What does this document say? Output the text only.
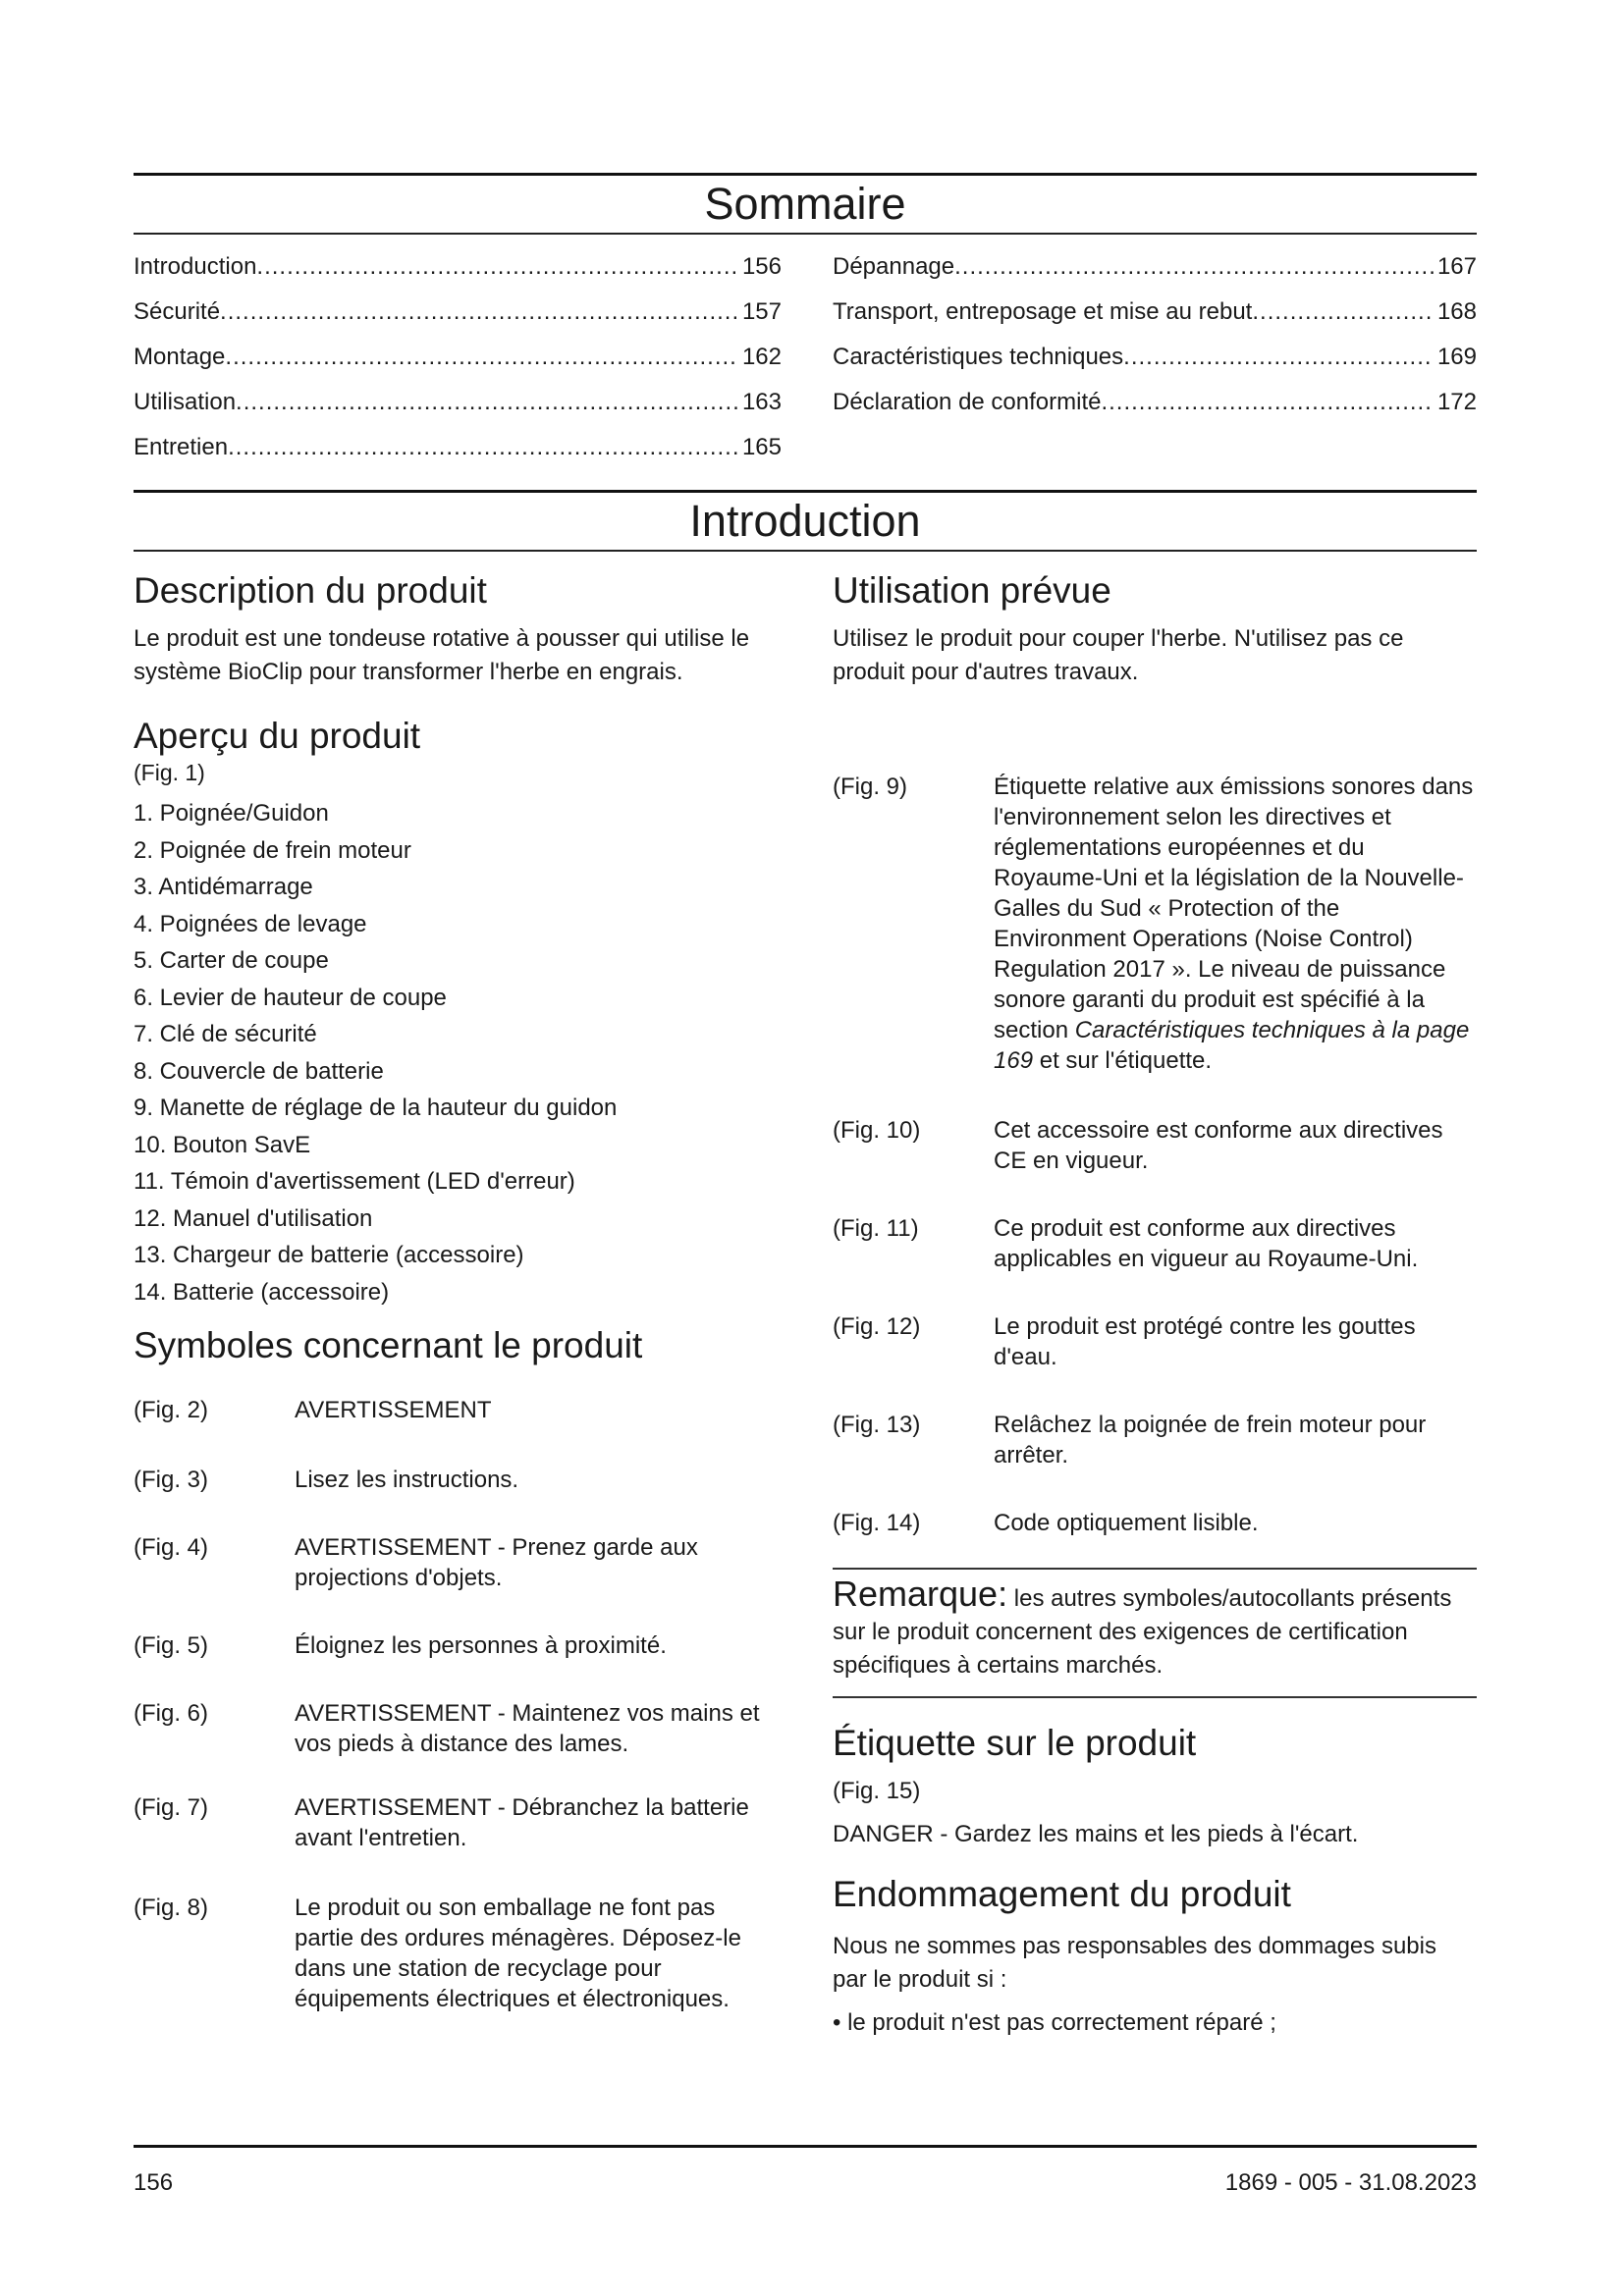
Sommaire
Introduction .....	156
Sécurité .....	157
Montage .....	162
Utilisation .....	163
Entretien .....	165
Dépannage .....	167
Transport, entreposage et mise au rebut .....	168
Caractéristiques techniques .....	169
Déclaration de conformité .....	172
Introduction
Description du produit

Le produit est une tondeuse rotative à pousser qui utilise le système BioClip pour transformer l'herbe en engrais.

Aperçu du produit
(Fig. 1)
1. Poignée/Guidon
2. Poignée de frein moteur
3. Antidémarrage
4. Poignées de levage
5. Carter de coupe
6. Levier de hauteur de coupe
7. Clé de sécurité
8. Couvercle de batterie
9. Manette de réglage de la hauteur du guidon
10. Bouton SavE
11. Témoin d'avertissement (LED d'erreur)
12. Manuel d'utilisation
13. Chargeur de batterie (accessoire)
14. Batterie (accessoire)
Symboles concernant le produit
(Fig. 2)	AVERTISSEMENT
(Fig. 3)	Lisez les instructions.
(Fig. 4)	AVERTISSEMENT - Prenez garde aux projections d'objets.
(Fig. 5)	Éloignez les personnes à proximité.
(Fig. 6)	AVERTISSEMENT - Maintenez vos mains et vos pieds à distance des lames.
(Fig. 7)	AVERTISSEMENT - Débranchez la batterie avant l'entretien.
(Fig. 8)	Le produit ou son emballage ne font pas partie des ordures ménagères. Déposez-le dans une station de recyclage pour équipements électriques et électroniques.
Utilisation prévue

Utilisez le produit pour couper l'herbe. N'utilisez pas ce produit pour d'autres travaux.

(Fig. 9)	Étiquette relative aux émissions sonores dans l'environnement selon les directives et réglementations européennes et du Royaume-Uni et la législation de la Nouvelle-Galles du Sud « Protection of the Environment Operations (Noise Control) Regulation 2017 ». Le niveau de puissance sonore garanti du produit est spécifié à la section Caractéristiques techniques à la page 169 et sur l'étiquette.
(Fig. 10)	Cet accessoire est conforme aux directives CE en vigueur.
(Fig. 11)	Ce produit est conforme aux directives applicables en vigueur au Royaume-Uni.
(Fig. 12)	Le produit est protégé contre les gouttes d'eau.
(Fig. 13)	Relâchez la poignée de frein moteur pour arrêter.
(Fig. 14)	Code optiquement lisible.
Remarque: les autres symboles/autocollants présents sur le produit concernent des exigences de certification spécifiques à certains marchés.
Étiquette sur le produit
(Fig. 15)

DANGER - Gardez les mains et les pieds à l'écart.

Endommagement du produit

Nous ne sommes pas responsables des dommages subis par le produit si :

• le produit n'est pas correctement réparé ;

156	1869 - 005 - 31.08.2023
